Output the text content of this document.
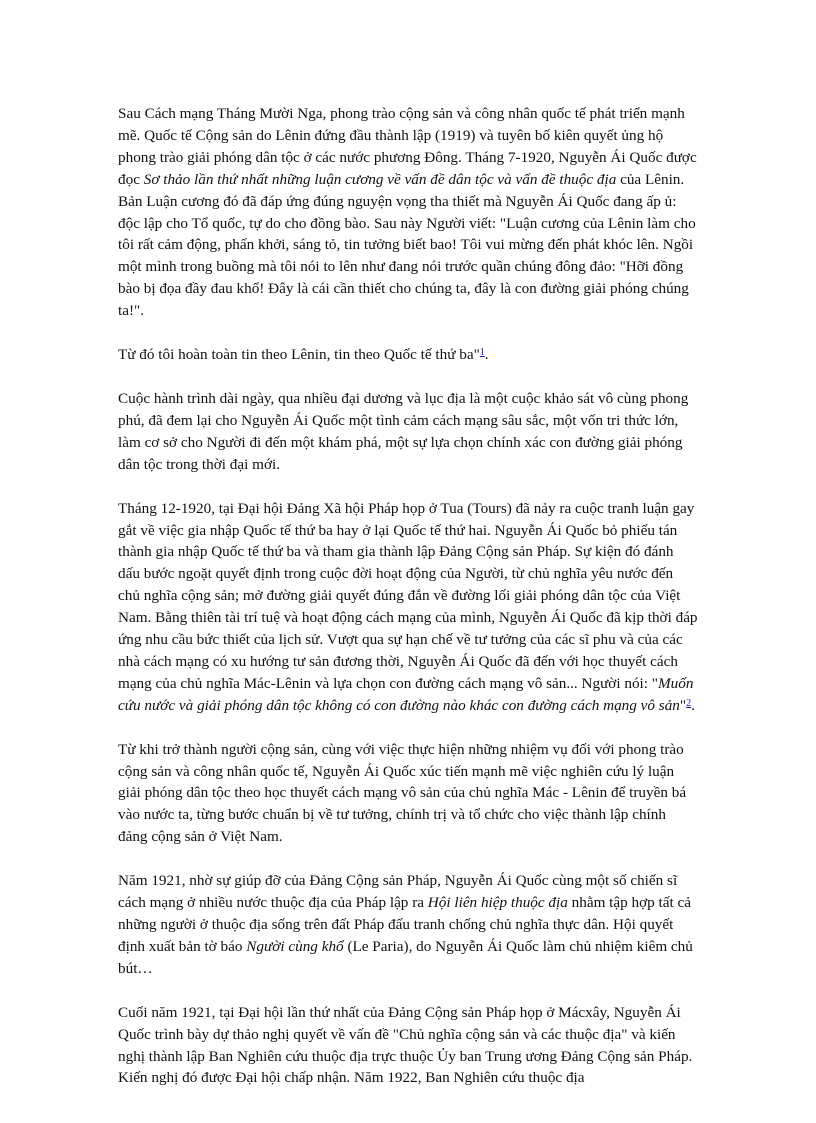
Sau Cách mạng Tháng Mười Nga, phong trào cộng sản và công nhân quốc tế phát triển mạnh mẽ. Quốc tế Cộng sản do Lênin đứng đầu thành lập (1919) và tuyên bố kiên quyết ủng hộ phong trào giải phóng dân tộc ở các nước phương Đông. Tháng 7-1920, Nguyễn Ái Quốc được đọc Sơ thảo lần thứ nhất những luận cương về vấn đề dân tộc và vấn đề thuộc địa của Lênin. Bản Luận cương đó đã đáp ứng đúng nguyện vọng tha thiết mà Nguyễn Ái Quốc đang ấp ủ: độc lập cho Tổ quốc, tự do cho đồng bào. Sau này Người viết: "Luận cương của Lênin làm cho tôi rất cảm động, phấn khởi, sáng tỏ, tin tưởng biết bao! Tôi vui mừng đến phát khóc lên. Ngồi một mình trong buồng mà tôi nói to lên như đang nói trước quần chúng đông đảo: "Hỡi đồng bào bị đọa đầy đau khổ! Đây là cái cần thiết cho chúng ta, đây là con đường giải phóng chúng ta!".

Từ đó tôi hoàn toàn tin theo Lênin, tin theo Quốc tế thứ ba"$^1$.

Cuộc hành trình dài ngày, qua nhiều đại dương và lục địa là một cuộc khảo sát vô cùng phong phú, đã đem lại cho Nguyễn Ái Quốc một tình cảm cách mạng sâu sắc, một vốn tri thức lớn, làm cơ sở cho Người đi đến một khám phá, một sự lựa chọn chính xác con đường giải phóng dân tộc trong thời đại mới.

Tháng 12-1920, tại Đại hội Đảng Xã hội Pháp họp ở Tua (Tours) đã nảy ra cuộc tranh luận gay gắt về việc gia nhập Quốc tế thứ ba hay ở lại Quốc tế thứ hai. Nguyễn Ái Quốc bỏ phiếu tán thành gia nhập Quốc tế thứ ba và tham gia thành lập Đảng Cộng sản Pháp. Sự kiện đó đánh dấu bước ngoặt quyết định trong cuộc đời hoạt động của Người, từ chủ nghĩa yêu nước đến chủ nghĩa cộng sản; mở đường giải quyết đúng đắn về đường lối giải phóng dân tộc của Việt Nam. Bằng thiên tài trí tuệ và hoạt động cách mạng của mình, Nguyễn Ái Quốc đã kịp thời đáp ứng nhu cầu bức thiết của lịch sử. Vượt qua sự hạn chế về tư tưởng của các sĩ phu và của các nhà cách mạng có xu hướng tư sản đương thời, Nguyễn Ái Quốc đã đến với học thuyết cách mạng của chủ nghĩa Mác-Lênin và lựa chọn con đường cách mạng vô sản... Người nói: "Muốn cứu nước và giải phóng dân tộc không có con đường nào khác con đường cách mạng vô sản"$^2$.

Từ khi trở thành người cộng sản, cùng với việc thực hiện những nhiệm vụ đối với phong trào cộng sản và công nhân quốc tế, Nguyễn Ái Quốc xúc tiến mạnh mẽ việc nghiên cứu lý luận giải phóng dân tộc theo học thuyết cách mạng vô sản của chủ nghĩa Mác - Lênin để truyền bá vào nước ta, từng bước chuẩn bị về tư tưởng, chính trị và tổ chức cho việc thành lập chính đảng cộng sản ở Việt Nam.

Năm 1921, nhờ sự giúp đỡ của Đảng Cộng sản Pháp, Nguyễn Ái Quốc cùng một số chiến sĩ cách mạng ở nhiều nước thuộc địa của Pháp lập ra Hội liên hiệp thuộc địa nhằm tập hợp tất cả những người ở thuộc địa sống trên đất Pháp đấu tranh chống chủ nghĩa thực dân. Hội quyết định xuất bản tờ báo Người cùng khổ (Le Paria), do Nguyễn Ái Quốc làm chủ nhiệm kiêm chủ bút…

Cuối năm 1921, tại Đại hội lần thứ nhất của Đảng Cộng sản Pháp họp ở Mácxây, Nguyễn Ái Quốc trình bày dự thảo nghị quyết về vấn đề "Chủ nghĩa cộng sản và các thuộc địa" và kiến nghị thành lập Ban Nghiên cứu thuộc địa trực thuộc Ủy ban Trung ương Đảng Cộng sản Pháp. Kiến nghị đó được Đại hội chấp nhận. Năm 1922, Ban Nghiên cứu thuộc địa
